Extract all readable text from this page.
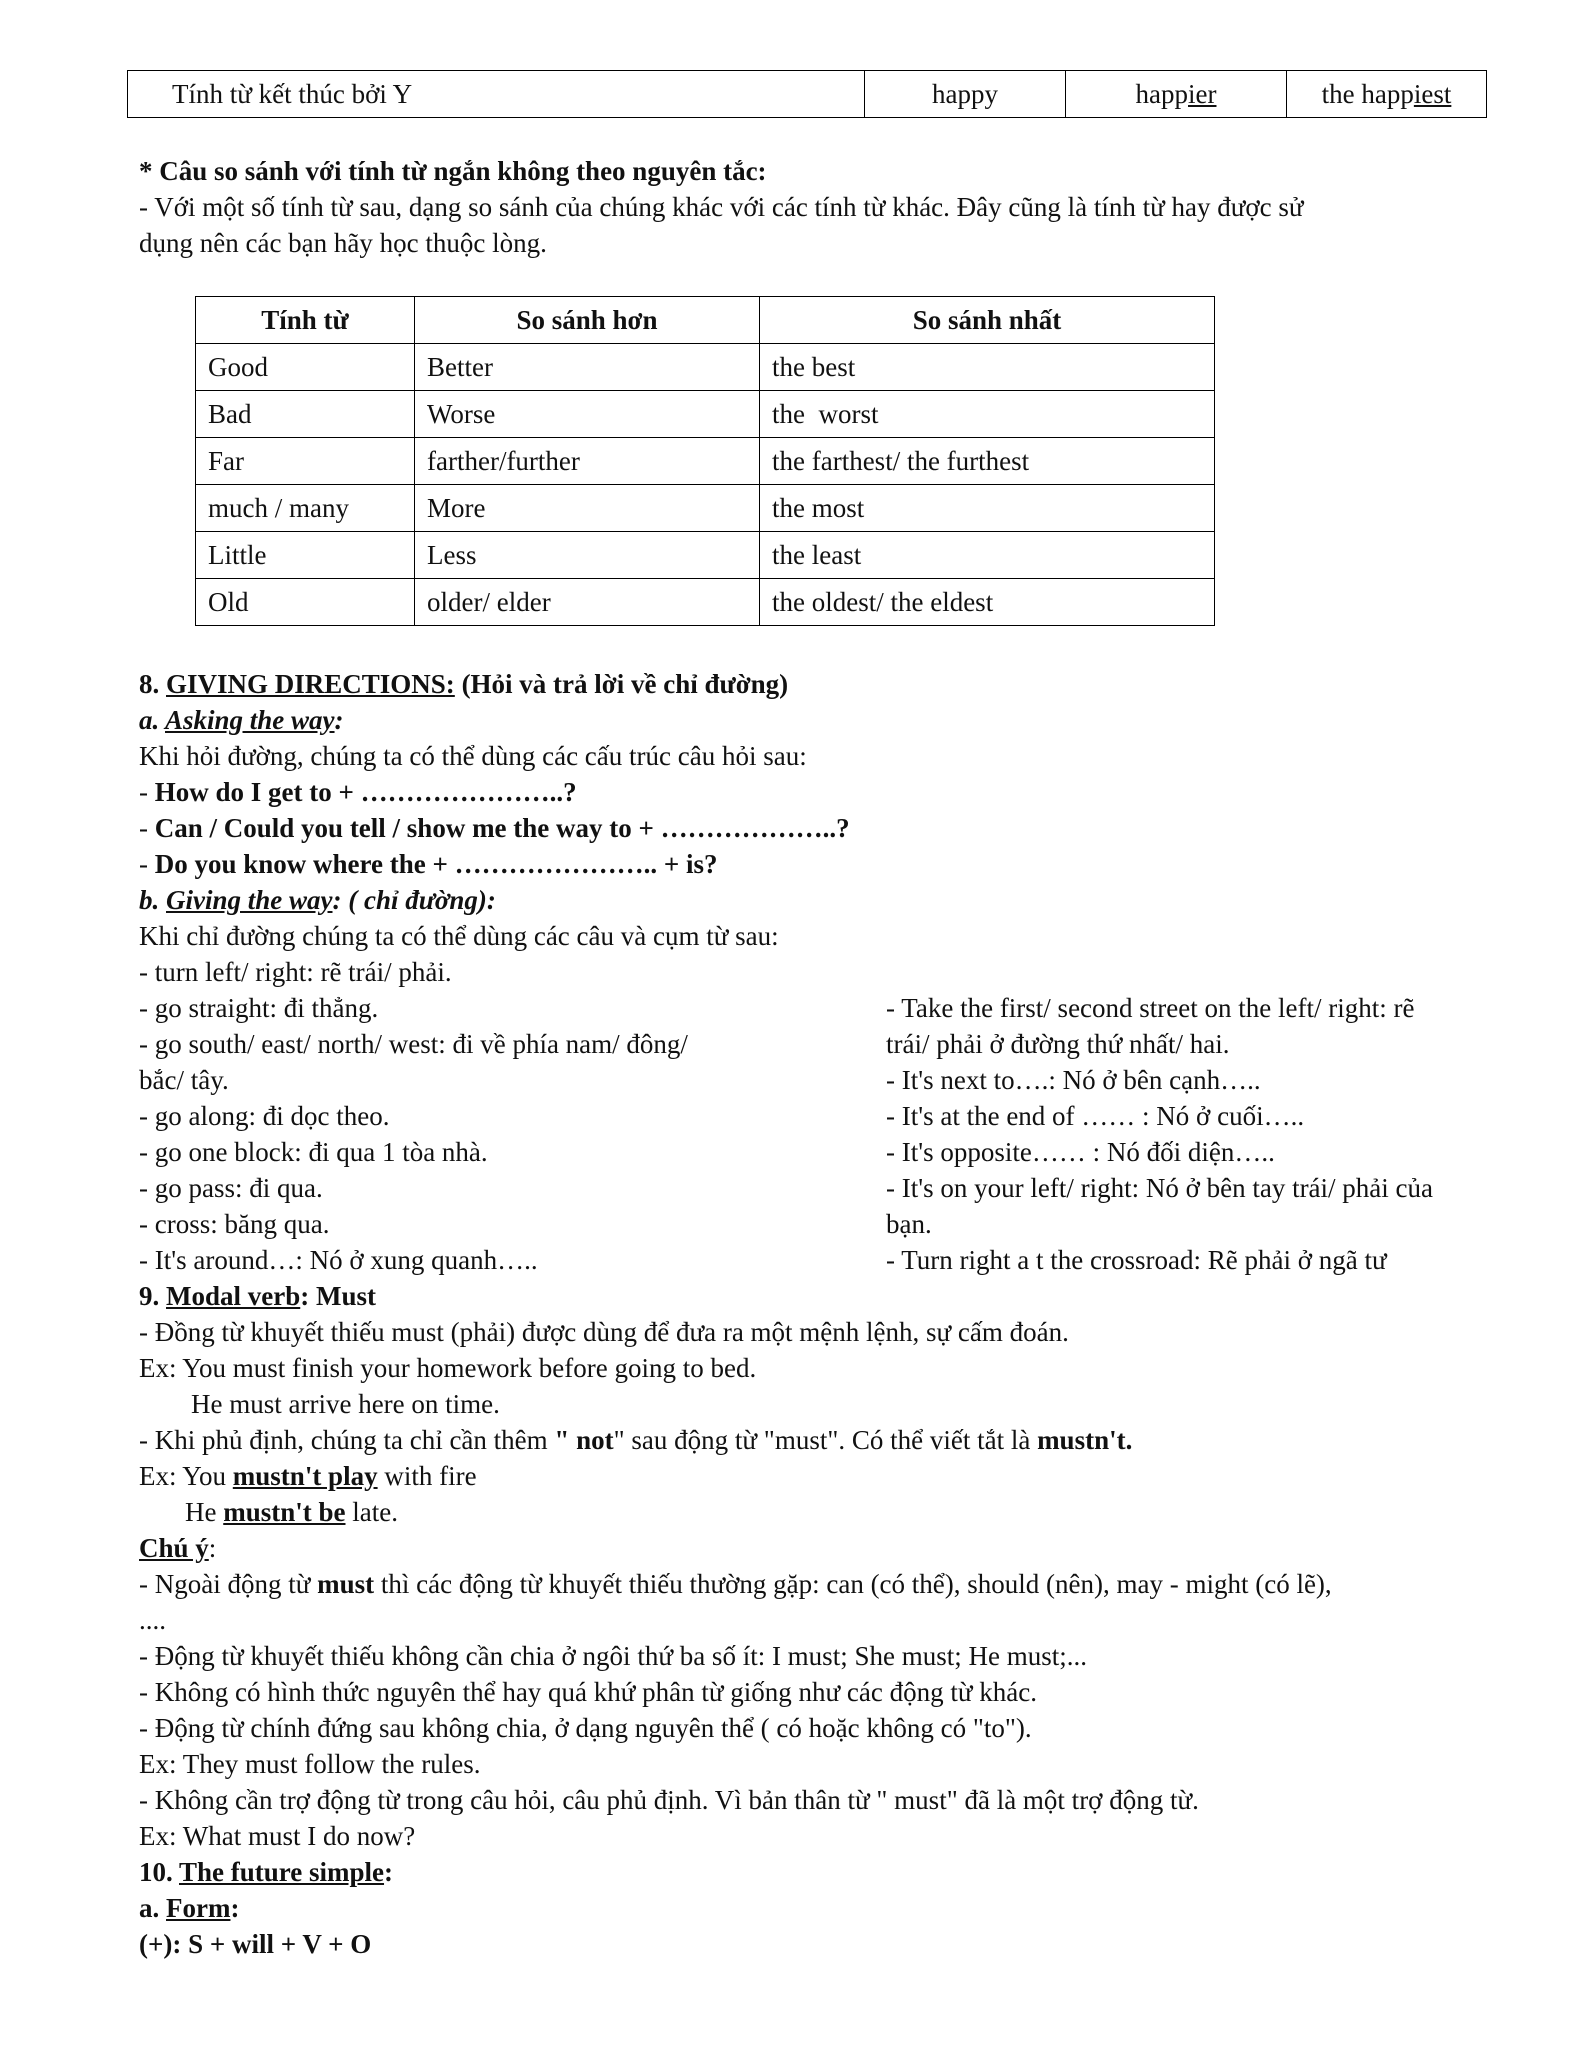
Tính từ kết thúc bởi Y	happy	happier	the happiest
* Câu so sánh với tính từ ngắn không theo nguyên tắc:
- Với một số tính từ sau, dạng so sánh của chúng khác với các tính từ khác. Đây cũng là tính từ hay được sử
dụng nên các bạn hãy học thuộc lòng.
Tính từ	So sánh hơn	So sánh nhất
Good	Better	the best
Bad	Worse	the  worst
Far	farther/further	the farthest/ the furthest
much / many	More	the most
Little	Less	the least
Old	older/ elder	the oldest/ the eldest
8. GIVING DIRECTIONS: (Hỏi và trả lời về chỉ đường)
a. Asking the way:
Khi hỏi đường, chúng ta có thể dùng các cấu trúc câu hỏi sau:
- How do I get to + …………………..?
- Can / Could you tell / show me the way to + ………………..?
- Do you know where the + ………………….. + is?
b. Giving the way: ( chỉ đường):
Khi chỉ đường chúng ta có thể dùng các câu và cụm từ sau:
- turn left/ right: rẽ trái/ phải.
- go straight: đi thẳng.
- go south/ east/ north/ west: đi về phía nam/ đông/
bắc/ tây.
- go along: đi dọc theo.
- go one block: đi qua 1 tòa nhà.
- go pass: đi qua.
- cross: băng qua.
- It's around…: Nó ở xung quanh…..
- Take the first/ second street on the left/ right: rẽ
trái/ phải ở đường thứ nhất/ hai.
- It's next to….: Nó ở bên cạnh…..
- It's at the end of …… : Nó ở cuối…..
- It's opposite…… : Nó đối diện…..
- It's on your left/ right: Nó ở bên tay trái/ phải của
bạn.
- Turn right a t the crossroad: Rẽ phải ở ngã tư
9. Modal verb: Must
- Đồng từ khuyết thiếu must (phải) được dùng để đưa ra một mệnh lệnh, sự cấm đoán.
Ex: You must finish your homework before going to bed.
He must arrive here on time.
- Khi phủ định, chúng ta chỉ cần thêm " not" sau động từ "must". Có thể viết tắt là mustn't.
Ex: You mustn't play with fire
He mustn't be late.
Chú ý:
- Ngoài động từ must thì các động từ khuyết thiếu thường gặp: can (có thể), should (nên), may - might (có lẽ),
....
- Động từ khuyết thiếu không cần chia ở ngôi thứ ba số ít: I must; She must; He must;...
- Không có hình thức nguyên thể hay quá khứ phân từ giống như các động từ khác.
- Động từ chính đứng sau không chia, ở dạng nguyên thể ( có hoặc không có "to").
Ex: They must follow the rules.
- Không cần trợ động từ trong câu hỏi, câu phủ định. Vì bản thân từ " must" đã là một trợ động từ.
Ex: What must I do now?
10. The future simple:
a. Form:
(+): S + will + V + O
